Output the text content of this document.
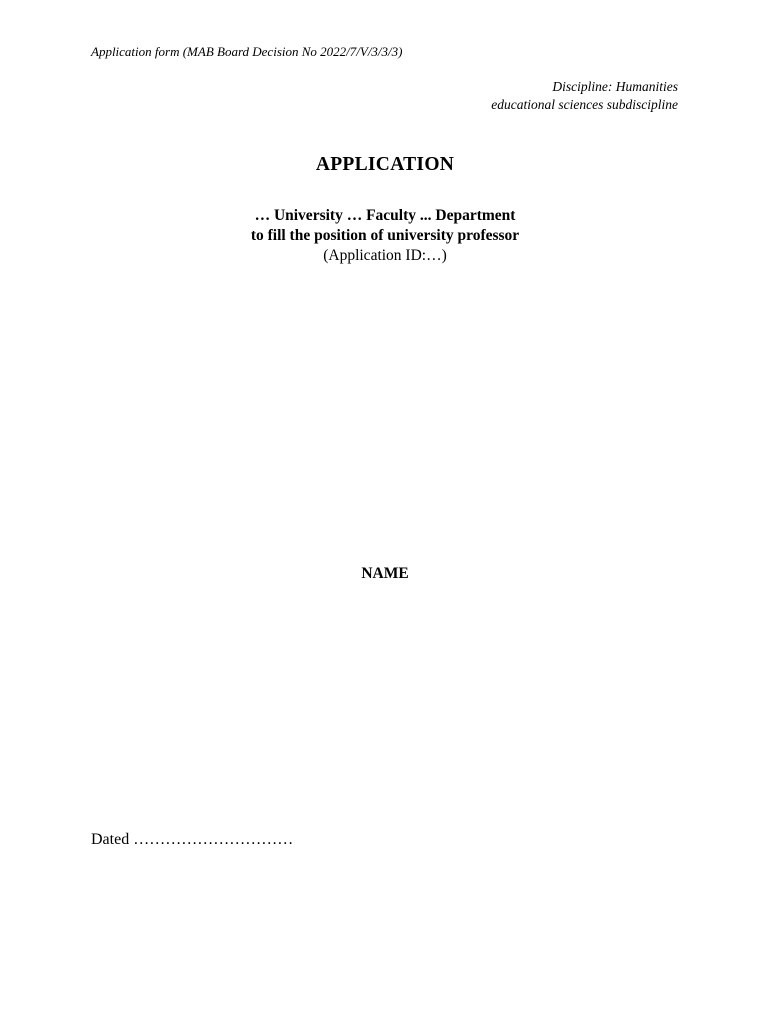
Application form (MAB Board Decision No 2022/7/V/3/3/3)
Discipline: Humanities
educational sciences subdiscipline
APPLICATION
… University … Faculty ... Department
to fill the position of university professor
(Application ID:…)
NAME
Dated …………………………
